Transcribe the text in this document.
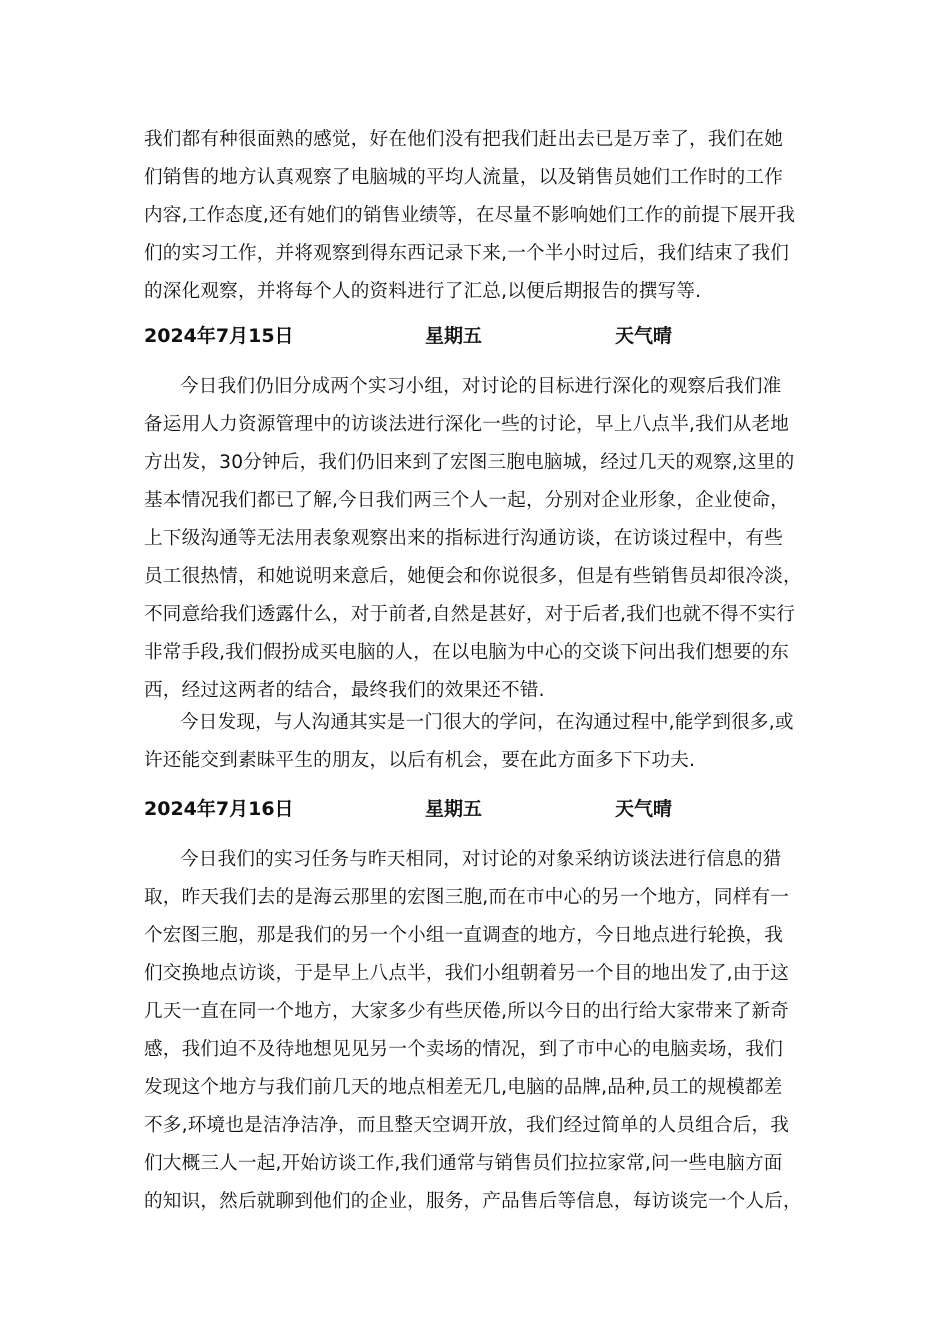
我们都有种很面熟的感觉，好在他们没有把我们赶出去已是万幸了，我们在她
们销售的地方认真观察了电脑城的平均人流量，以及销售员她们工作时的工作
内容,工作态度,还有她们的销售业绩等，在尽量不影响她们工作的前提下展开我
们的实习工作，并将观察到得东西记录下来,一个半小时过后，我们结束了我们
的深化观察，并将每个人的资料进行了汇总,以便后期报告的撰写等.
2024年7月15日	星期五	天气晴
今日我们仍旧分成两个实习小组，对讨论的目标进行深化的观察后我们准
备运用人力资源管理中的访谈法进行深化一些的讨论，早上八点半,我们从老地
方出发，30分钟后，我们仍旧来到了宏图三胞电脑城，经过几天的观察,这里的
基本情况我们都已了解,今日我们两三个人一起，分别对企业形象，企业使命，
上下级沟通等无法用表象观察出来的指标进行沟通访谈，在访谈过程中，有些
员工很热情，和她说明来意后，她便会和你说很多，但是有些销售员却很冷淡，
不同意给我们透露什么，对于前者,自然是甚好，对于后者,我们也就不得不实行
非常手段,我们假扮成买电脑的人，在以电脑为中心的交谈下问出我们想要的东
西，经过这两者的结合，最终我们的效果还不错.
今日发现，与人沟通其实是一门很大的学问，在沟通过程中,能学到很多,或
许还能交到素昧平生的朋友，以后有机会，要在此方面多下下功夫.
2024年7月16日	星期五	天气晴
今日我们的实习任务与昨天相同，对讨论的对象采纳访谈法进行信息的猎
取，昨天我们去的是海云那里的宏图三胞,而在市中心的另一个地方，同样有一
个宏图三胞，那是我们的另一个小组一直调查的地方，今日地点进行轮换，我
们交换地点访谈，于是早上八点半，我们小组朝着另一个目的地出发了,由于这
几天一直在同一个地方，大家多少有些厌倦,所以今日的出行给大家带来了新奇
感，我们迫不及待地想见见另一个卖场的情况，到了市中心的电脑卖场，我们
发现这个地方与我们前几天的地点相差无几,电脑的品牌,品种,员工的规模都差
不多,环境也是洁净洁净，而且整天空调开放，我们经过简单的人员组合后，我
们大概三人一起,开始访谈工作,我们通常与销售员们拉拉家常,问一些电脑方面
的知识，然后就聊到他们的企业，服务，产品售后等信息，每访谈完一个人后，
